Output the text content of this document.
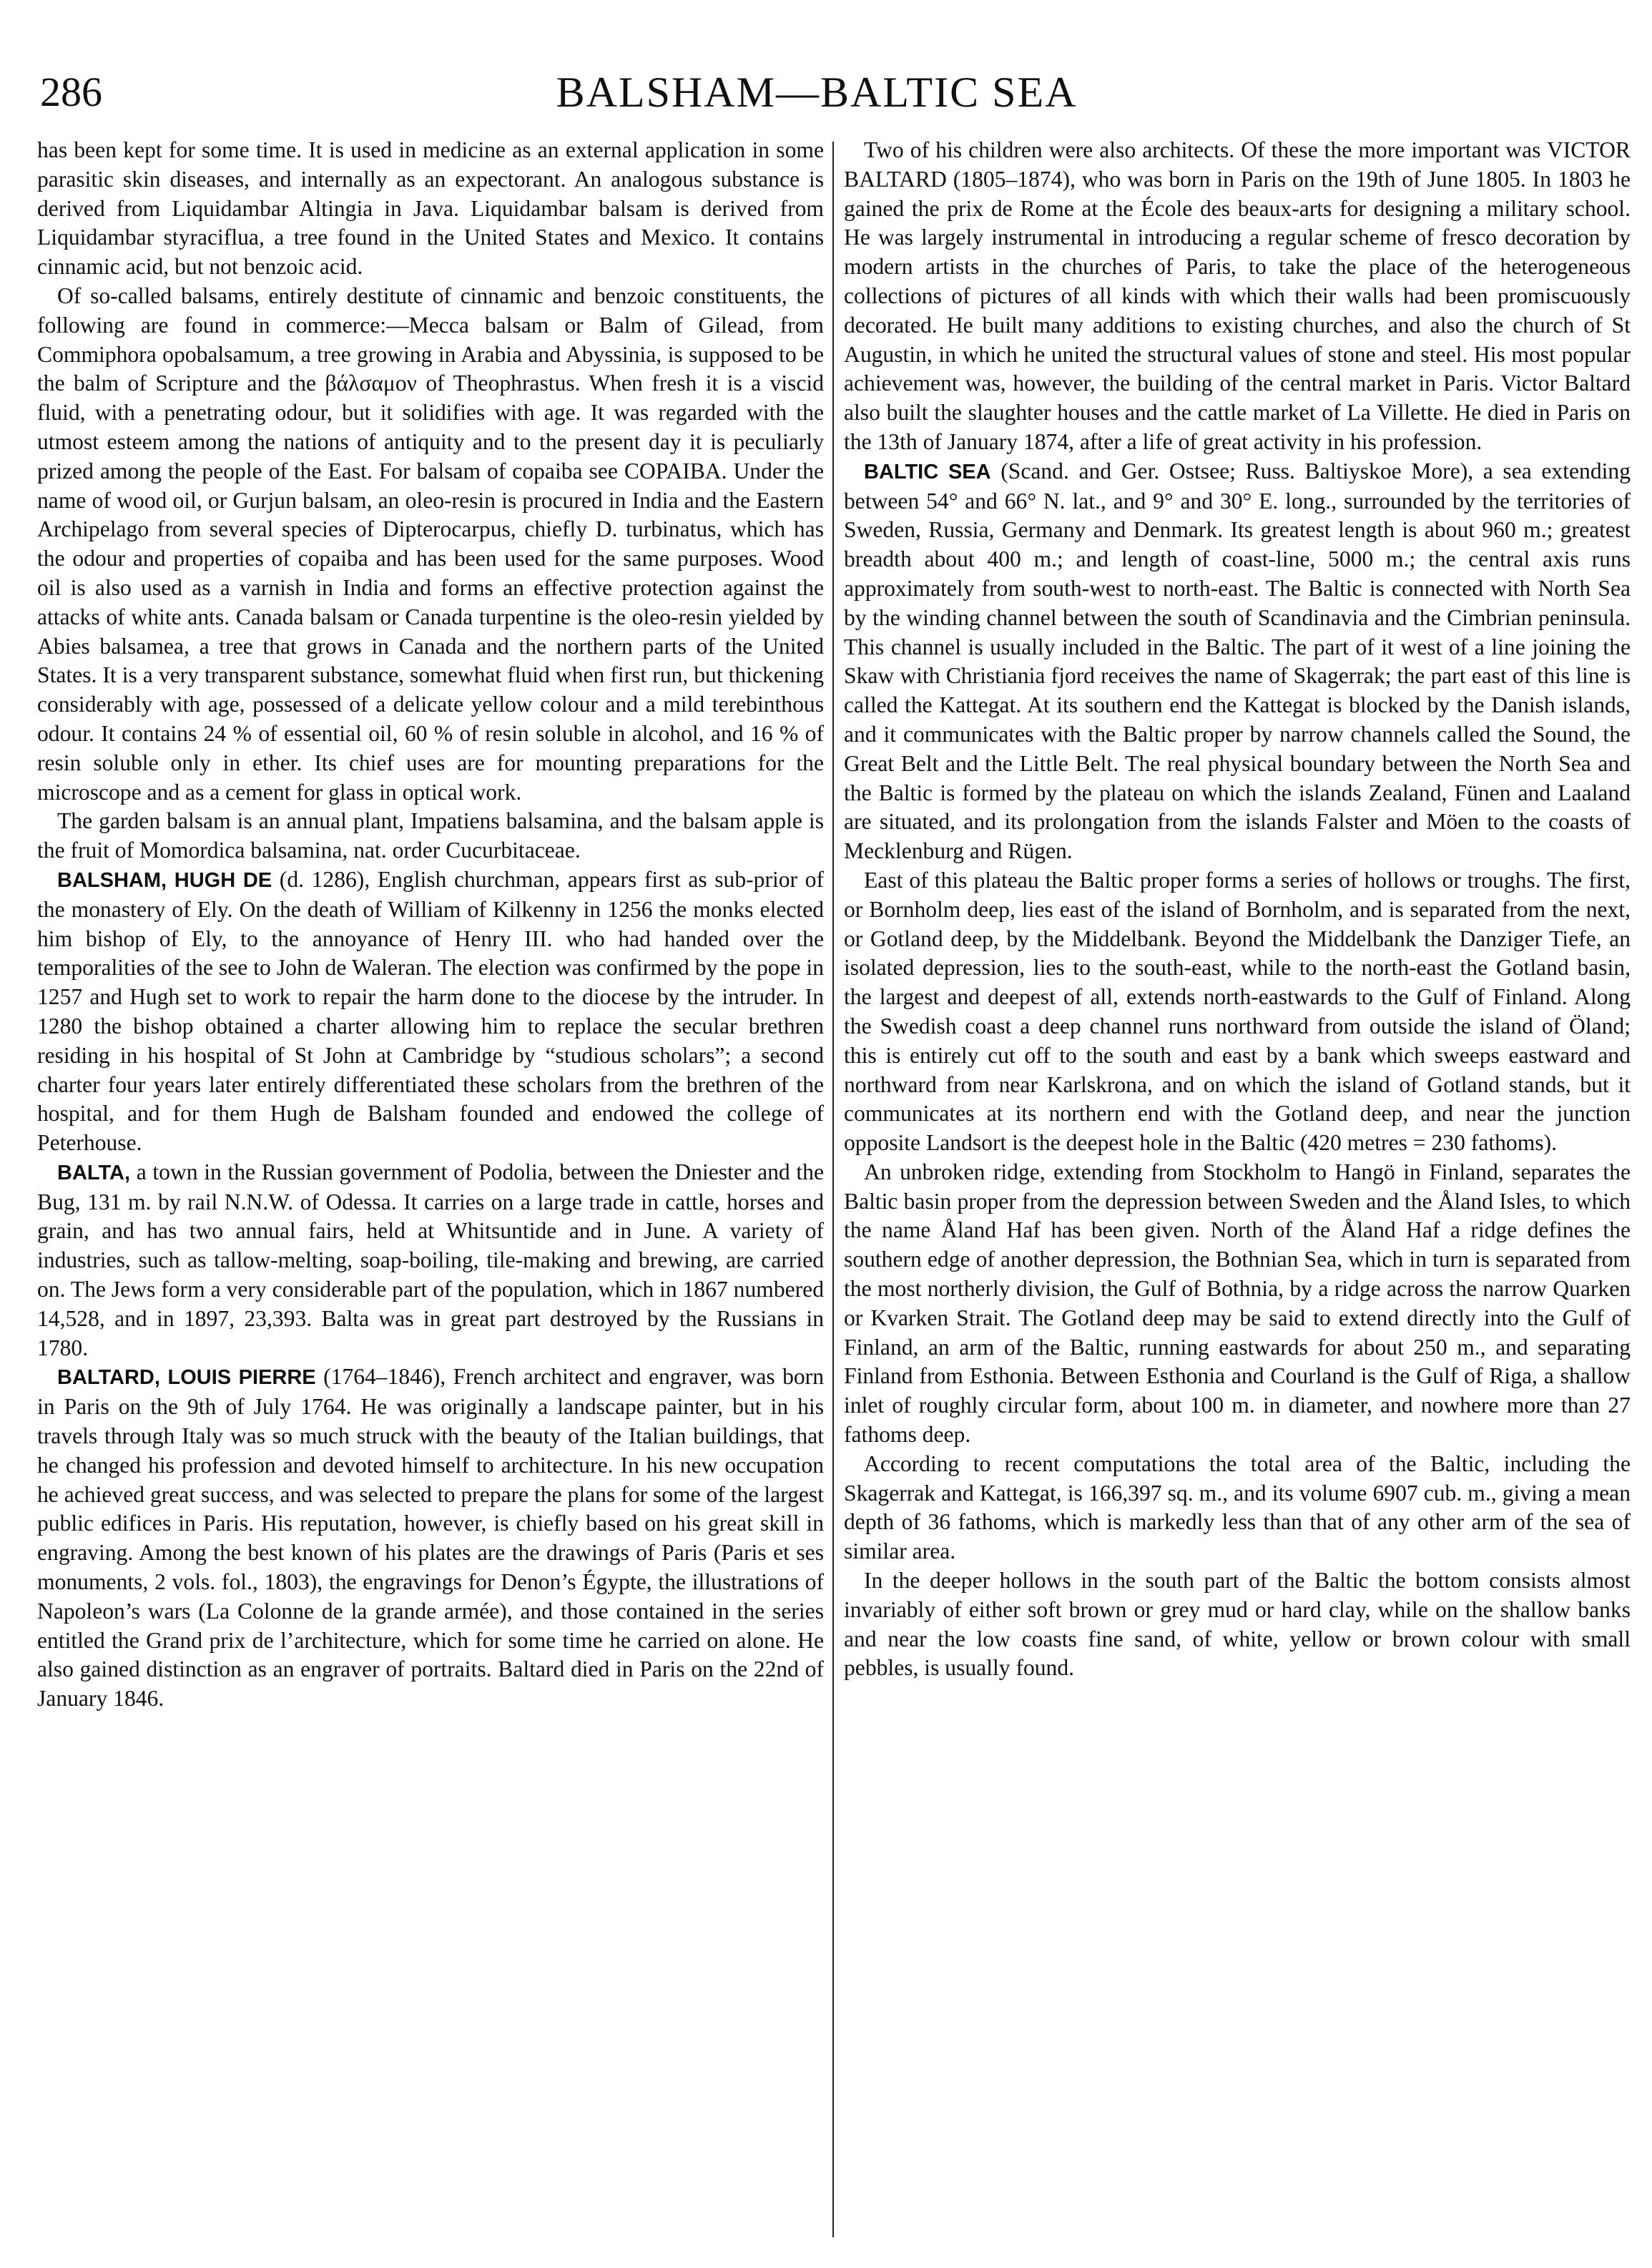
286	BALSHAM—BALTIC SEA

has been kept for some time. It is used in medicine as an external application in some parasitic skin diseases, and internally as an expectorant. An analogous substance is derived from Liquidambar Altingia in Java. Liquidambar balsam is derived from Liquidambar styraciflua, a tree found in the United States and Mexico. It contains cinnamic acid, but not benzoic acid.

Of so-called balsams, entirely destitute of cinnamic and benzoic constituents, the following are found in commerce:—Mecca balsam or Balm of Gilead, from Commiphora opobalsamum, a tree growing in Arabia and Abyssinia, is supposed to be the balm of Scripture and the βάλσαμον of Theophrastus. When fresh it is a viscid fluid, with a penetrating odour, but it solidifies with age. It was regarded with the utmost esteem among the nations of antiquity and to the present day it is peculiarly prized among the people of the East. For balsam of copaiba see COPAIBA. Under the name of wood oil, or Gurjun balsam, an oleo-resin is procured in India and the Eastern Archipelago from several species of Dipterocarpus, chiefly D. turbinatus, which has the odour and properties of copaiba and has been used for the same purposes. Wood oil is also used as a varnish in India and forms an effective protection against the attacks of white ants. Canada balsam or Canada turpentine is the oleo-resin yielded by Abies balsamea, a tree that grows in Canada and the northern parts of the United States. It is a very transparent substance, somewhat fluid when first run, but thickening considerably with age, possessed of a delicate yellow colour and a mild terebinthous odour. It contains 24 % of essential oil, 60 % of resin soluble in alcohol, and 16 % of resin soluble only in ether. Its chief uses are for mounting preparations for the microscope and as a cement for glass in optical work.

The garden balsam is an annual plant, Impatiens balsamina, and the balsam apple is the fruit of Momordica balsamina, nat. order Cucurbitaceae.

BALSHAM, HUGH DE (d. 1286), English churchman, appears first as sub-prior of the monastery of Ely. On the death of William of Kilkenny in 1256 the monks elected him bishop of Ely, to the annoyance of Henry III. who had handed over the temporalities of the see to John de Waleran. The election was confirmed by the pope in 1257 and Hugh set to work to repair the harm done to the diocese by the intruder. In 1280 the bishop obtained a charter allowing him to replace the secular brethren residing in his hospital of St John at Cambridge by “studious scholars”; a second charter four years later entirely differentiated these scholars from the brethren of the hospital, and for them Hugh de Balsham founded and endowed the college of Peterhouse.

BALTA, a town in the Russian government of Podolia, between the Dniester and the Bug, 131 m. by rail N.N.W. of Odessa. It carries on a large trade in cattle, horses and grain, and has two annual fairs, held at Whitsuntide and in June. A variety of industries, such as tallow-melting, soap-boiling, tile-making and brewing, are carried on. The Jews form a very considerable part of the population, which in 1867 numbered 14,528, and in 1897, 23,393. Balta was in great part destroyed by the Russians in 1780.

BALTARD, LOUIS PIERRE (1764–1846), French architect and engraver, was born in Paris on the 9th of July 1764. He was originally a landscape painter, but in his travels through Italy was so much struck with the beauty of the Italian buildings, that he changed his profession and devoted himself to architecture. In his new occupation he achieved great success, and was selected to prepare the plans for some of the largest public edifices in Paris. His reputation, however, is chiefly based on his great skill in engraving. Among the best known of his plates are the drawings of Paris (Paris et ses monuments, 2 vols. fol., 1803), the engravings for Denon’s Égypte, the illustrations of Napoleon’s wars (La Colonne de la grande armée), and those contained in the series entitled the Grand prix de l’architecture, which for some time he carried on alone. He also gained distinction as an engraver of portraits. Baltard died in Paris on the 22nd of January 1846.

Two of his children were also architects. Of these the more important was VICTOR BALTARD (1805–1874), who was born in Paris on the 19th of June 1805. In 1803 he gained the prix de Rome at the École des beaux-arts for designing a military school. He was largely instrumental in introducing a regular scheme of fresco decoration by modern artists in the churches of Paris, to take the place of the heterogeneous collections of pictures of all kinds with which their walls had been promiscuously decorated. He built many additions to existing churches, and also the church of St Augustin, in which he united the structural values of stone and steel. His most popular achievement was, however, the building of the central market in Paris. Victor Baltard also built the slaughter houses and the cattle market of La Villette. He died in Paris on the 13th of January 1874, after a life of great activity in his profession.

BALTIC SEA (Scand. and Ger. Ostsee; Russ. Baltiyskoe More), a sea extending between 54° and 66° N. lat., and 9° and 30° E. long., surrounded by the territories of Sweden, Russia, Germany and Denmark. Its greatest length is about 960 m.; greatest breadth about 400 m.; and length of coast-line, 5000 m.; the central axis runs approximately from south-west to north-east. The Baltic is connected with North Sea by the winding channel between the south of Scandinavia and the Cimbrian peninsula. This channel is usually included in the Baltic. The part of it west of a line joining the Skaw with Christiania fjord receives the name of Skagerrak; the part east of this line is called the Kattegat. At its southern end the Kattegat is blocked by the Danish islands, and it communicates with the Baltic proper by narrow channels called the Sound, the Great Belt and the Little Belt. The real physical boundary between the North Sea and the Baltic is formed by the plateau on which the islands Zealand, Fünen and Laaland are situated, and its prolongation from the islands Falster and Möen to the coasts of Mecklenburg and Rügen.

East of this plateau the Baltic proper forms a series of hollows or troughs. The first, or Bornholm deep, lies east of the island of Bornholm, and is separated from the next, or Gotland deep, by the Middelbank. Beyond the Middelbank the Danziger Tiefe, an isolated depression, lies to the south-east, while to the north-east the Gotland basin, the largest and deepest of all, extends north-eastwards to the Gulf of Finland. Along the Swedish coast a deep channel runs northward from outside the island of Öland; this is entirely cut off to the south and east by a bank which sweeps eastward and northward from near Karlskrona, and on which the island of Gotland stands, but it communicates at its northern end with the Gotland deep, and near the junction opposite Landsort is the deepest hole in the Baltic (420 metres = 230 fathoms).

An unbroken ridge, extending from Stockholm to Hangö in Finland, separates the Baltic basin proper from the depression between Sweden and the Åland Isles, to which the name Åland Haf has been given. North of the Åland Haf a ridge defines the southern edge of another depression, the Bothnian Sea, which in turn is separated from the most northerly division, the Gulf of Bothnia, by a ridge across the narrow Quarken or Kvarken Strait. The Gotland deep may be said to extend directly into the Gulf of Finland, an arm of the Baltic, running eastwards for about 250 m., and separating Finland from Esthonia. Between Esthonia and Courland is the Gulf of Riga, a shallow inlet of roughly circular form, about 100 m. in diameter, and nowhere more than 27 fathoms deep.

According to recent computations the total area of the Baltic, including the Skagerrak and Kattegat, is 166,397 sq. m., and its volume 6907 cub. m., giving a mean depth of 36 fathoms, which is markedly less than that of any other arm of the sea of similar area.

In the deeper hollows in the south part of the Baltic the bottom consists almost invariably of either soft brown or grey mud or hard clay, while on the shallow banks and near the low coasts fine sand, of white, yellow or brown colour with small pebbles, is usually found.
